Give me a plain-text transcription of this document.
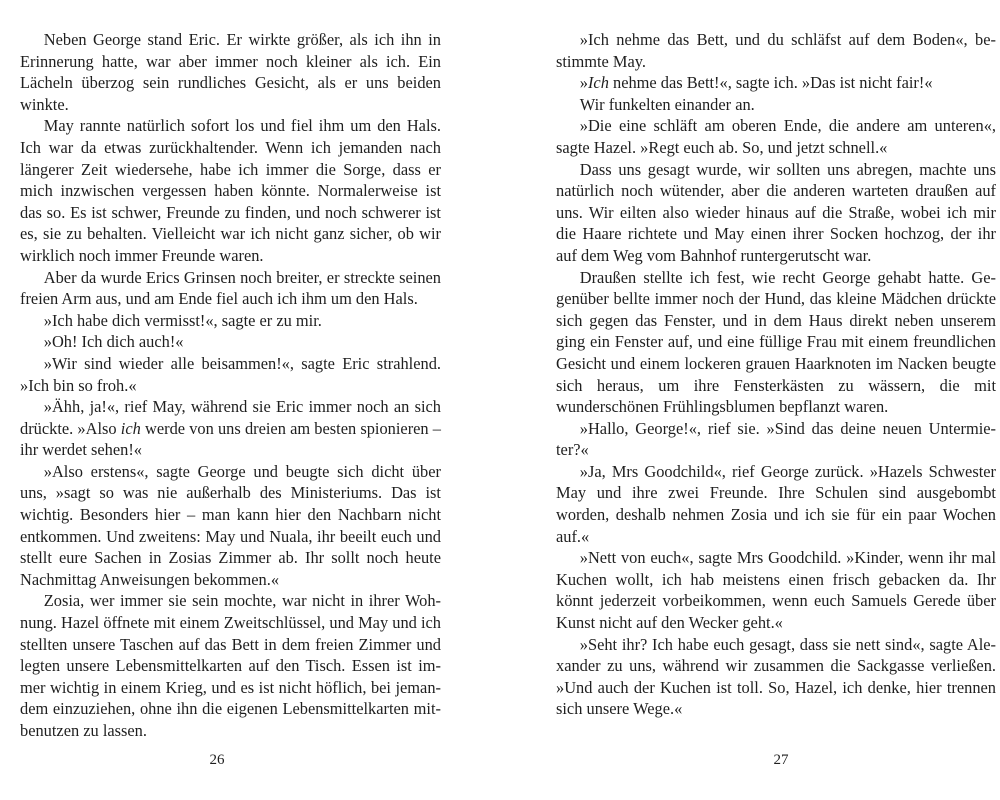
Neben George stand Eric. Er wirkte größer, als ich ihn in Erinnerung hatte, war aber immer noch kleiner als ich. Ein Lächeln überzog sein rundliches Gesicht, als er uns beiden winkte.

May rannte natürlich sofort los und fiel ihm um den Hals. Ich war da etwas zurückhaltender. Wenn ich jemanden nach längerer Zeit wiedersehe, habe ich immer die Sorge, dass er mich inzwischen vergessen haben könnte. Normalerweise ist das so. Es ist schwer, Freunde zu finden, und noch schwerer ist es, sie zu behalten. Vielleicht war ich nicht ganz sicher, ob wir wirklich noch immer Freunde waren.

Aber da wurde Erics Grinsen noch breiter, er streckte seinen freien Arm aus, und am Ende fiel auch ich ihm um den Hals.

»Ich habe dich vermisst!«, sagte er zu mir.

»Oh! Ich dich auch!«

»Wir sind wieder alle beisammen!«, sagte Eric strahlend. »Ich bin so froh.«

»Ähh, ja!«, rief May, während sie Eric immer noch an sich drückte. »Also ich werde von uns dreien am besten spionieren – ihr werdet sehen!«

»Also erstens«, sagte George und beugte sich dicht über uns, »sagt so was nie außerhalb des Ministeriums. Das ist wichtig. Besonders hier – man kann hier den Nachbarn nicht entkommen. Und zweitens: May und Nuala, ihr beeilt euch und stellt eure Sachen in Zosias Zimmer ab. Ihr sollt noch heute Nachmittag Anweisungen bekommen.«

Zosia, wer immer sie sein mochte, war nicht in ihrer Wohnung. Hazel öffnete mit einem Zweitschlüssel, und May und ich stellten unsere Taschen auf das Bett in dem freien Zimmer und legten unsere Lebensmittelkarten auf den Tisch. Essen ist immer wichtig in einem Krieg, und es ist nicht höflich, bei jemandem einzuziehen, ohne ihn die eigenen Lebensmittelkarten mitbenutzen zu lassen.

26

»Ich nehme das Bett, und du schläfst auf dem Boden«, bestimmte May.

»Ich nehme das Bett!«, sagte ich. »Das ist nicht fair!«

Wir funkelten einander an.

»Die eine schläft am oberen Ende, die andere am unteren«, sagte Hazel. »Regt euch ab. So, und jetzt schnell.«

Dass uns gesagt wurde, wir sollten uns abregen, machte uns natürlich noch wütender, aber die anderen warteten draußen auf uns. Wir eilten also wieder hinaus auf die Straße, wobei ich mir die Haare richtete und May einen ihrer Socken hochzog, der ihr auf dem Weg vom Bahnhof runtergerutscht war.

Draußen stellte ich fest, wie recht George gehabt hatte. Gegenüber bellte immer noch der Hund, das kleine Mädchen drückte sich gegen das Fenster, und in dem Haus direkt neben unserem ging ein Fenster auf, und eine füllige Frau mit einem freundlichen Gesicht und einem lockeren grauen Haarknoten im Nacken beugte sich heraus, um ihre Fensterkästen zu wässern, die mit wunderschönen Frühlingsblumen bepflanzt waren.

»Hallo, George!«, rief sie. »Sind das deine neuen Untermieter?«

»Ja, Mrs Goodchild«, rief George zurück. »Hazels Schwester May und ihre zwei Freunde. Ihre Schulen sind ausgebombt worden, deshalb nehmen Zosia und ich sie für ein paar Wochen auf.«

»Nett von euch«, sagte Mrs Goodchild. »Kinder, wenn ihr mal Kuchen wollt, ich hab meistens einen frisch gebacken da. Ihr könnt jederzeit vorbeikommen, wenn euch Samuels Gerede über Kunst nicht auf den Wecker geht.«

»Seht ihr? Ich habe euch gesagt, dass sie nett sind«, sagte Alexander zu uns, während wir zusammen die Sackgasse verließen. »Und auch der Kuchen ist toll. So, Hazel, ich denke, hier trennen sich unsere Wege.«

27
